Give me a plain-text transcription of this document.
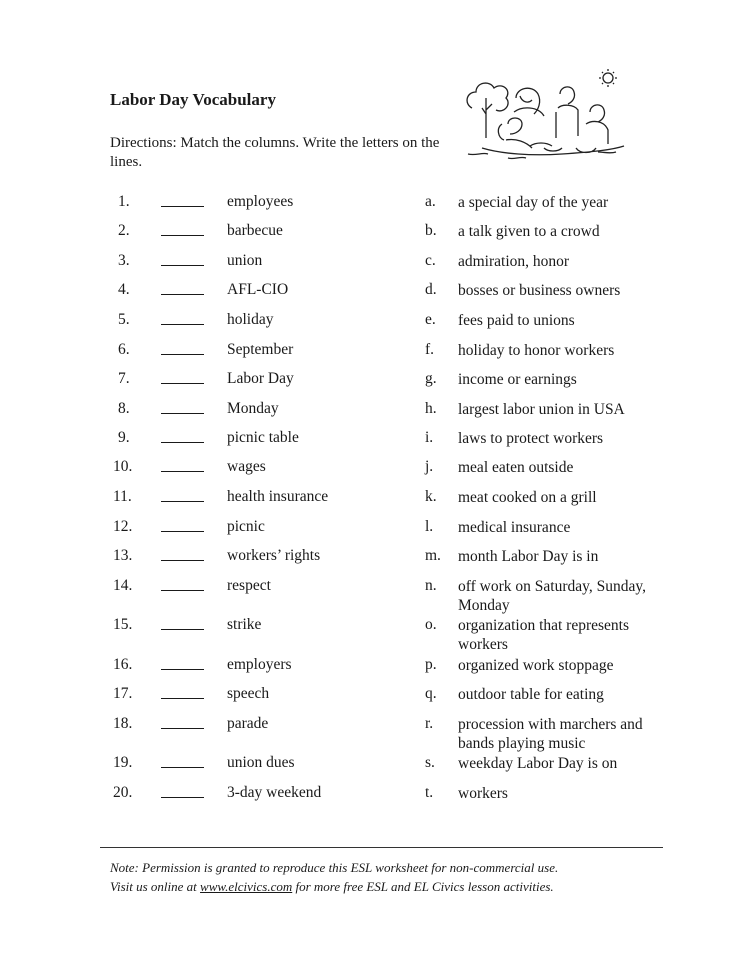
Labor Day Vocabulary
Directions: Match the columns. Write the letters on the lines.
1.	employees	a. a special day of the year
2.	barbecue	b. a talk given to a crowd
3.	union	c. admiration, honor
4.	AFL-CIO	d. bosses or business owners
5.	holiday	e. fees paid to unions
6.	September	f. holiday to honor workers
7.	Labor Day	g. income or earnings
8.	Monday	h. largest labor union in USA
9.	picnic table	i. laws to protect workers
10.	wages	j. meal eaten outside
11.	health insurance	k. meat cooked on a grill
12.	picnic	l. medical insurance
13.	workers’ rights	m. month Labor Day is in
14.	respect	n. off work on Saturday, Sunday, Monday
15.	strike	o. organization that represents workers
16.	employers	p. organized work stoppage
17.	speech	q. outdoor table for eating
18.	parade	r. procession with marchers and bands playing music
19.	union dues	s. weekday Labor Day is on
20.	3-day weekend	t. workers
Note: Permission is granted to reproduce this ESL worksheet for non-commercial use.
Visit us online at www.elcivics.com for more free ESL and EL Civics lesson activities.
